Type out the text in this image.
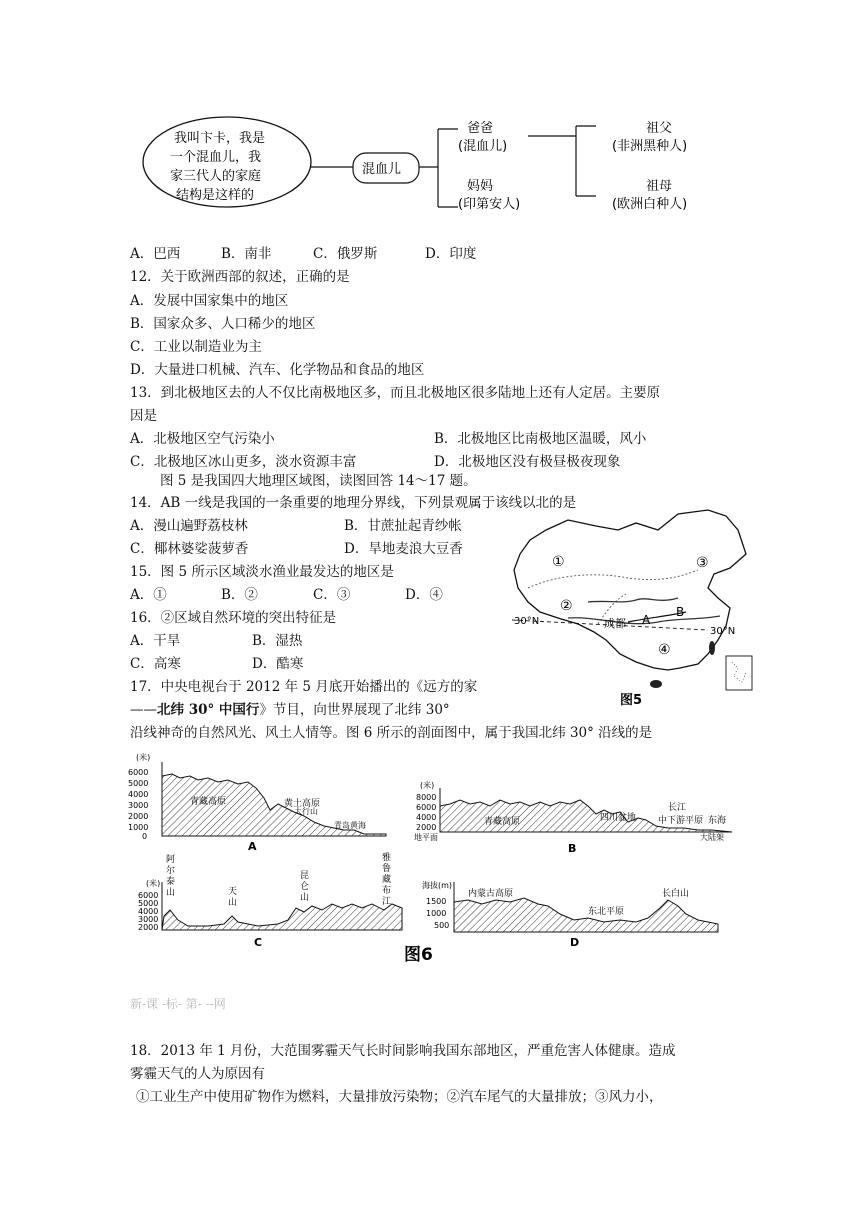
我叫卞卡，我是
一个混血儿，我
家三代人的家庭
结构是这样的
混血儿
爸爸
(混血儿)
妈妈
(印第安人)
祖父
(非洲黑种人)
祖母
(欧洲白种人)
A．巴西	B．南非	C．俄罗斯	D．印度
12．关于欧洲西部的叙述，正确的是
A．发展中国家集中的地区
B．国家众多、人口稀少的地区
C．工业以制造业为主
D．大量进口机械、汽车、化学物品和食品的地区
13．到北极地区去的人不仅比南极地区多，而且北极地区很多陆地上还有人定居。主要原
因是
A．北极地区空气污染小	B．北极地区比南极地区温暖，风小
C．北极地区冰山更多，淡水资源丰富	D．北极地区没有极昼极夜现象
图 5 是我国四大地理区域图，读图回答 14～17 题。
14．AB 一线是我国的一条重要的地理分界线，下列景观属于该线以北的是
A．漫山遍野荔枝林	B．甘蔗扯起青纱帐
C．椰林婆娑菠萝香	D．旱地麦浪大豆香
15．图 5 所示区域淡水渔业最发达的地区是
A．①	B．②	C．③	D．④
16．②区域自然环境的突出特征是
A．干旱	B．湿热
C．高寒	D．酷寒
17．中央电视台于 2012 年 5 月底开始播出的《远方的家
——北纬 30° 中国行》节目，向世界展现了北纬 30°
沿线神奇的自然风光、风土人情等。图 6 所示的剖面图中，属于我国北纬 30° 沿线的是
①
②
③
④
A
B
成都
30°N
30°N
图5
(米)
6000
5000
4000
3000
2000
1000
0
青藏高原	黄土高原
太行山
青岛黄海
A
(米)
8000
6000
4000
2000
地平面
青藏高原	四川盆地
长江
中下游平原 东海
大陆架
B
(米)
6000
5000
4000
3000
2000
阿尔泰山	天山
昆仑山
雅鲁藏布江
C
海拔(m)
1500
1000
500
内蒙古高原
东北平原
长白山
D
图6
新-课 -标- 第- --网
18．2013 年 1 月份，大范围雾霾天气长时间影响我国东部地区，严重危害人体健康。造成
雾霾天气的人为原因有
①工业生产中使用矿物作为燃料，大量排放污染物；②汽车尾气的大量排放；③风力小，
